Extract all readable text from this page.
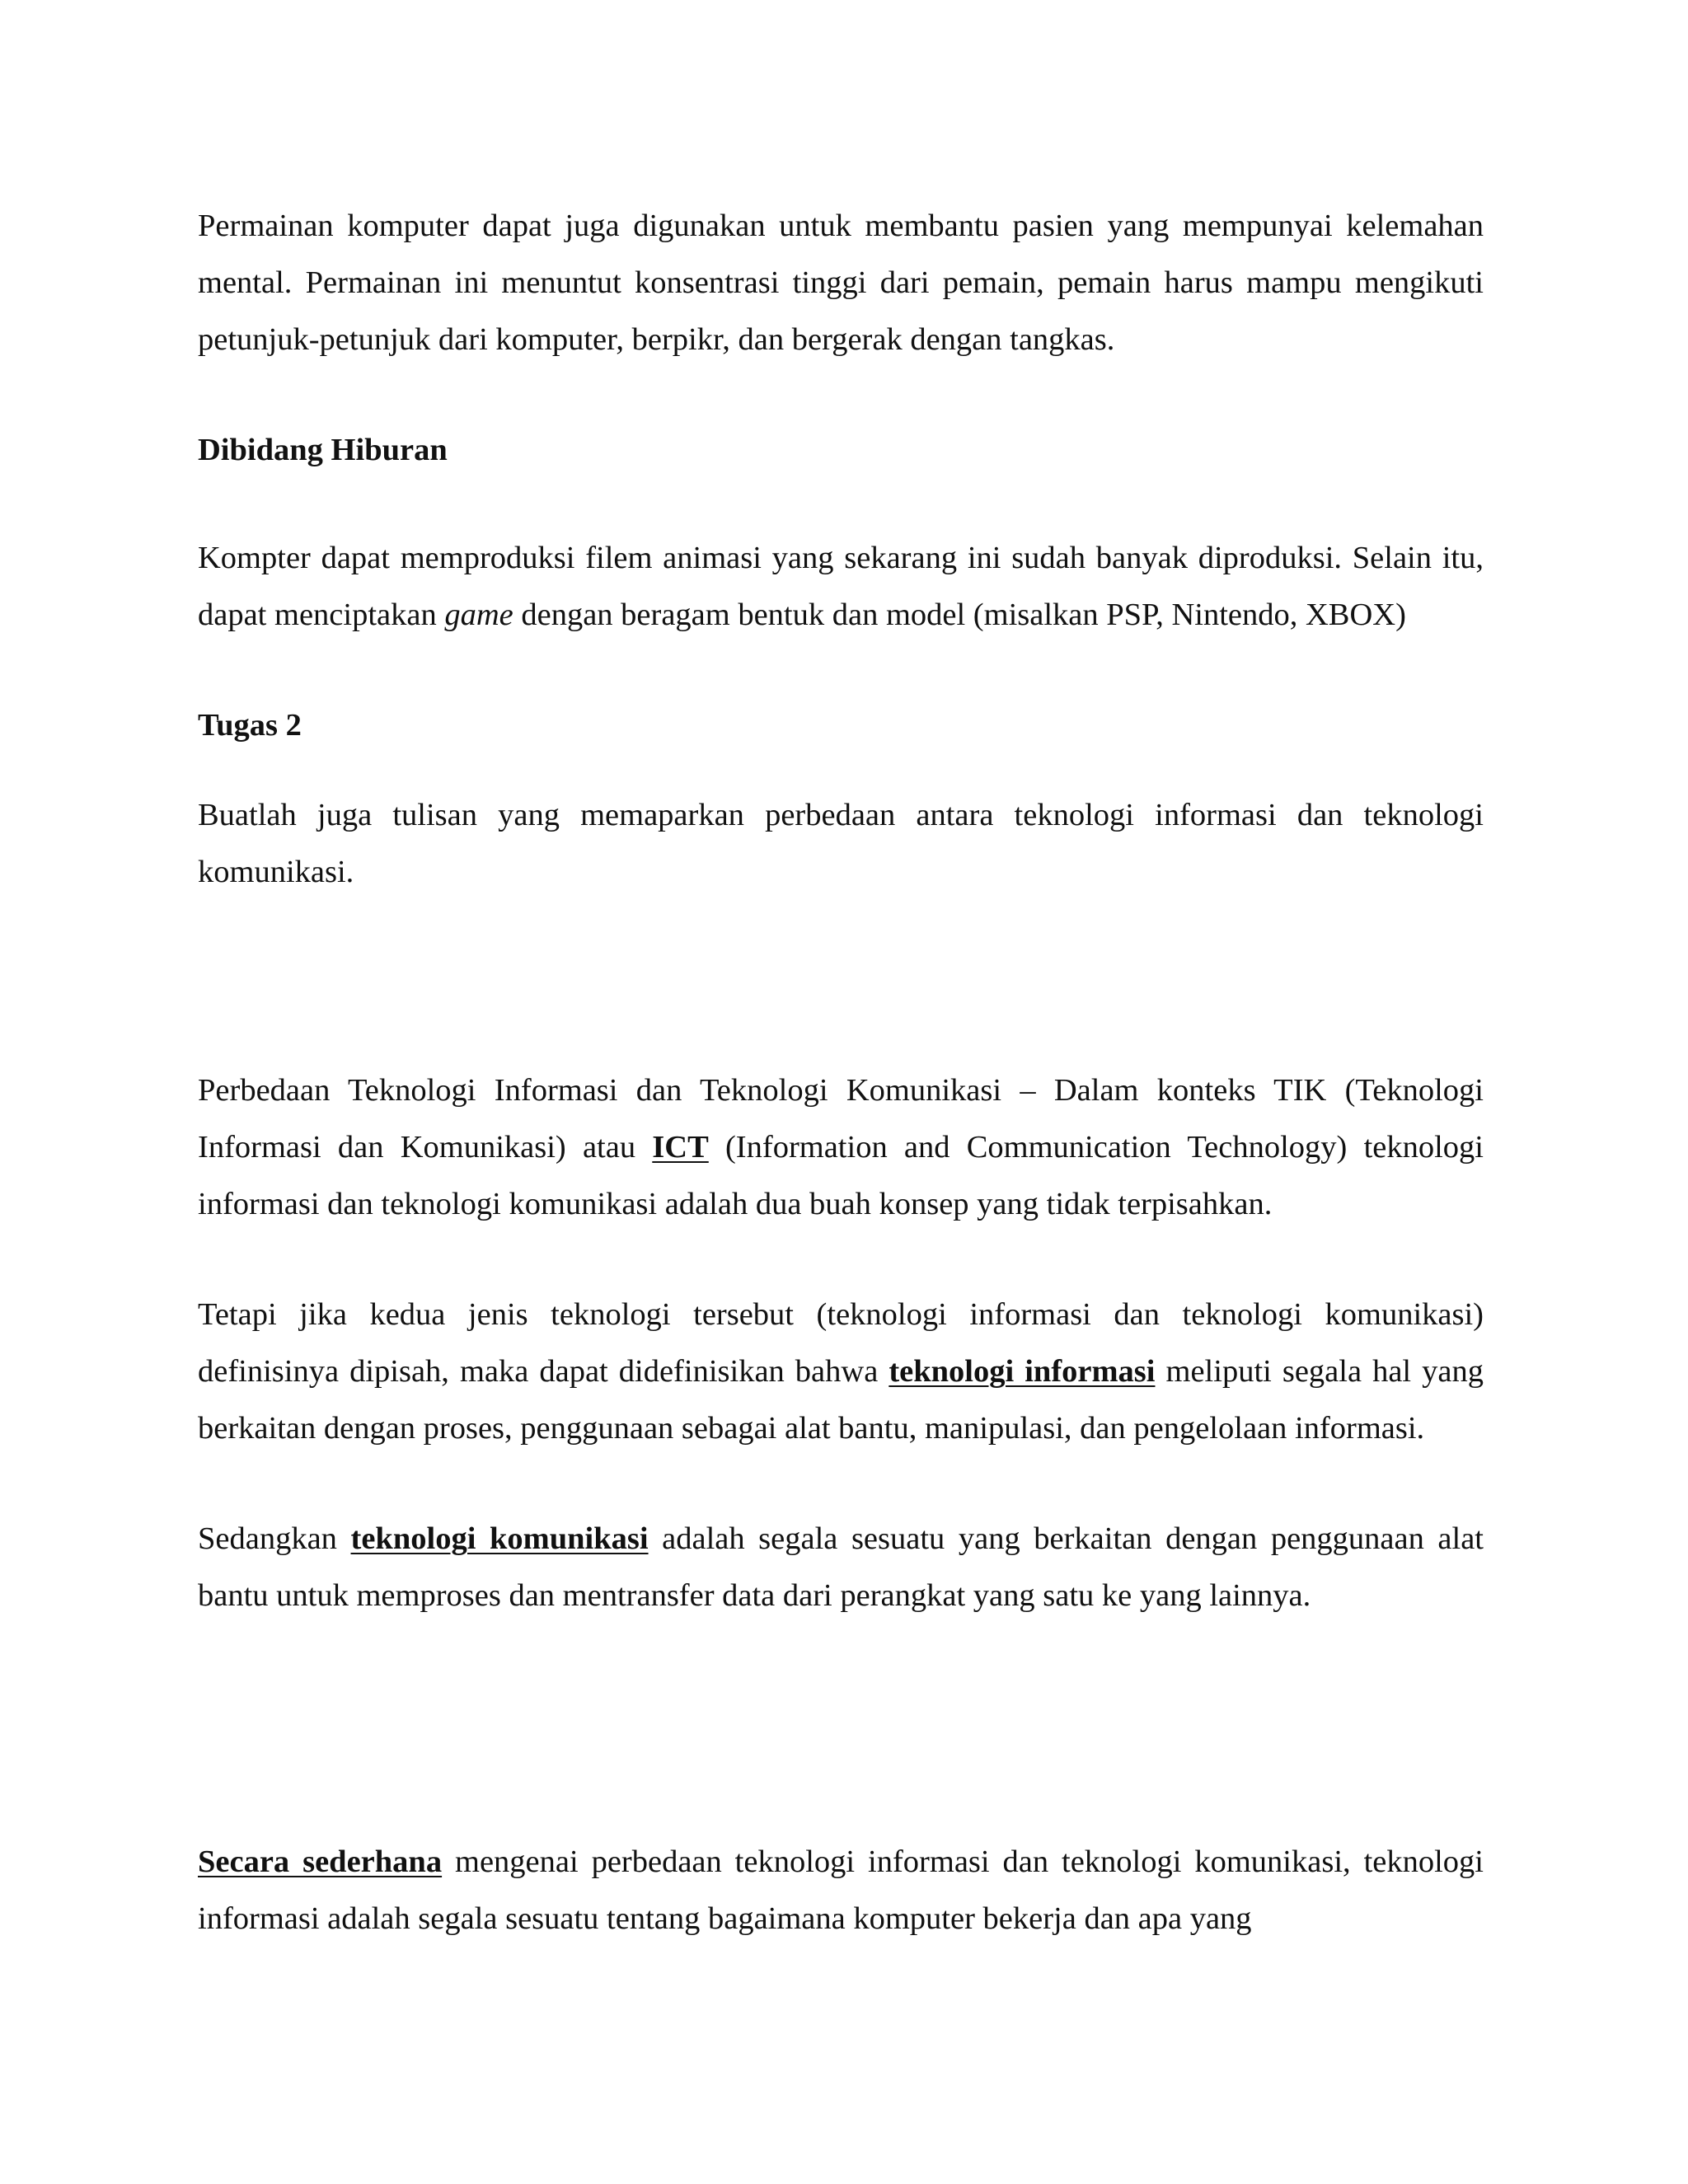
Permainan komputer dapat juga digunakan untuk membantu pasien yang mempunyai kelemahan mental. Permainan ini menuntut konsentrasi tinggi dari pemain, pemain harus mampu mengikuti petunjuk-petunjuk dari komputer, berpikr, dan bergerak dengan tangkas.

Dibidang Hiburan

Kompter dapat memproduksi filem animasi yang sekarang ini sudah banyak diproduksi. Selain itu, dapat menciptakan game dengan beragam bentuk dan model (misalkan PSP, Nintendo, XBOX)

Tugas 2

Buatlah juga tulisan yang memaparkan perbedaan antara teknologi informasi dan teknologi komunikasi.

Perbedaan Teknologi Informasi dan Teknologi Komunikasi – Dalam konteks TIK (Teknologi Informasi dan Komunikasi) atau ICT (Information and Communication Technology) teknologi informasi dan teknologi komunikasi adalah dua buah konsep yang tidak terpisahkan.

Tetapi jika kedua jenis teknologi tersebut (teknologi informasi dan teknologi komunikasi) definisinya dipisah, maka dapat didefinisikan bahwa teknologi informasi meliputi segala hal yang berkaitan dengan proses, penggunaan sebagai alat bantu, manipulasi, dan pengelolaan informasi.

Sedangkan teknologi komunikasi adalah segala sesuatu yang berkaitan dengan penggunaan alat bantu untuk memproses dan mentransfer data dari perangkat yang satu ke yang lainnya.

Secara sederhana mengenai perbedaan teknologi informasi dan teknologi komunikasi, teknologi informasi adalah segala sesuatu tentang bagaimana komputer bekerja dan apa yang
